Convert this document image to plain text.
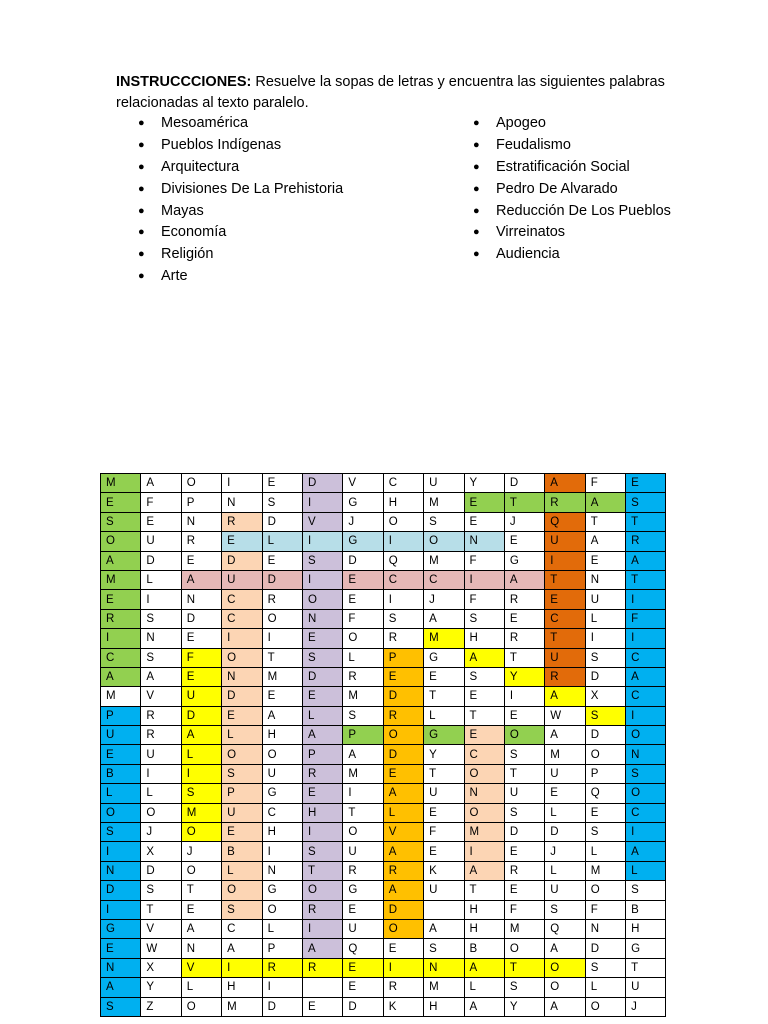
INSTRUCCCIONES: Resuelve la sopas de letras y encuentra las siguientes palabras relacionadas al texto paralelo.
● Mesoamérica
● Pueblos Indígenas
● Arquitectura
● Divisiones De La Prehistoria
● Mayas
● Economía
● Religión
● Arte
● Apogeo
● Feudalismo
● Estratificación Social
● Pedro De Alvarado
● Reducción De Los Pueblos
● Virreinatos
● Audiencia
M	A	O	I	E	D	V	C	U	Y	D	A	F	E
E	F	P	N	S	I	G	H	M	E	T	R	A	S
S	E	N	R	D	V	J	O	S	E	J	Q	T	T
O	U	R	E	L	I	G	I	O	N	E	U	A	R
A	D	E	D	E	S	D	Q	M	F	G	I	E	A
M	L	A	U	D	I	E	C	C	I	A	T	N	T
E	I	N	C	R	O	E	I	J	F	R	E	U	I
R	S	D	C	O	N	F	S	A	S	E	C	L	F
I	N	E	I	I	E	O	R	M	H	R	T	I	I
C	S	F	O	T	S	L	P	G	A	T	U	S	C
A	A	E	N	M	D	R	E	E	S	Y	R	D	A
M	V	U	D	E	E	M	D	T	E	I	A	X	C
P	R	D	E	A	L	S	R	L	T	E	W	S	I
U	R	A	L	H	A	P	O	G	E	O	A	D	O
E	U	L	O	O	P	A	D	Y	C	S	M	O	N
B	I	I	S	U	R	M	E	T	O	T	U	P	S
L	L	S	P	G	E	I	A	U	N	U	E	Q	O
O	O	M	U	C	H	T	L	E	O	S	L	E	C
S	J	O	E	H	I	O	V	F	M	D	D	S	I
I	X	J	B	I	S	U	A	E	I	E	J	L	A
N	D	O	L	N	T	R	R	K	A	R	L	M	L
D	S	T	O	G	O	G	A	U	T	E	U	O	S
I	T	E	S	O	R	E	D		H	F	S	F	B
G	V	A	C	L	I	U	O	A	H	M	Q	N	H
E	W	N	A	P	A	Q	E	S	B	O	A	D	G
N	X	V	I	R	R	E	I	N	A	T	O	S	T
A	Y	L	H	I		E	R	M	L	S	O	L	U
S	Z	O	M	D	E	D	K	H	A	Y	A	O	J
